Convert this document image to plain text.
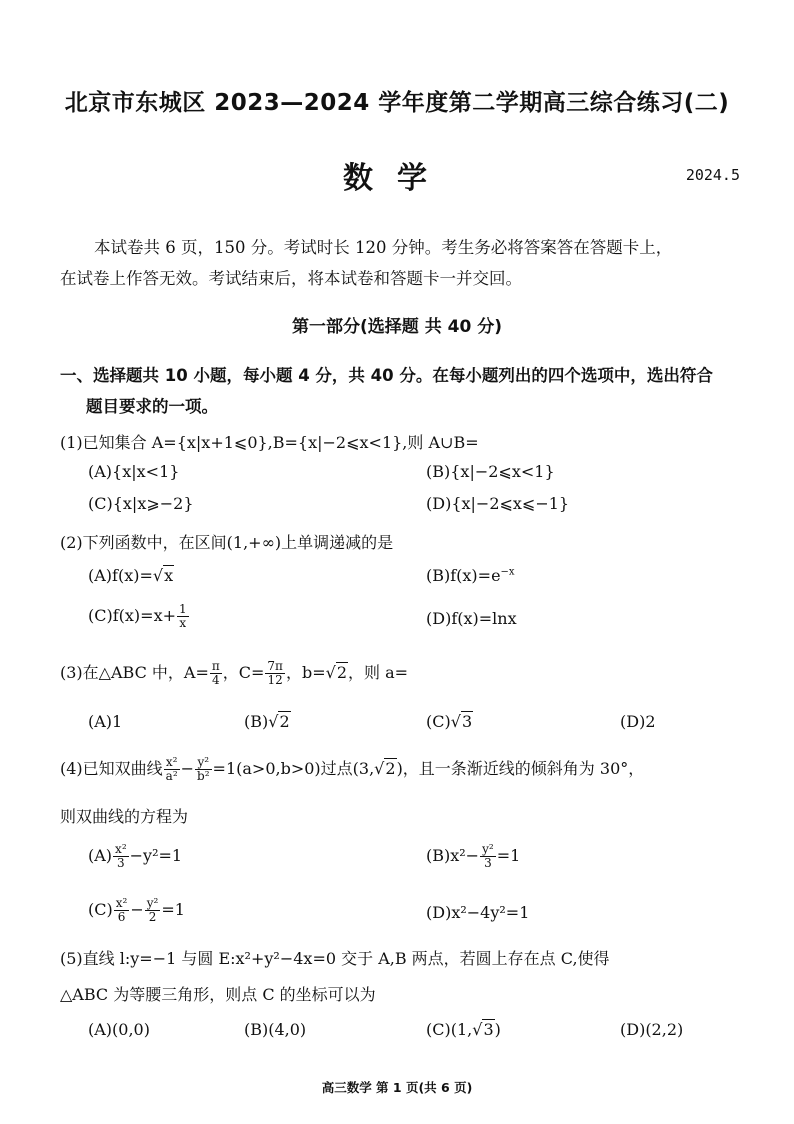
北京市东城区 2023—2024 学年度第二学期高三综合练习(二)
数学	2024.5
本试卷共 6 页，150 分。考试时长 120 分钟。考生务必将答案答在答题卡上，
在试卷上作答无效。考试结束后，将本试卷和答题卡一并交回。
第一部分(选择题 共 40 分)
一、选择题共 10 小题，每小题 4 分，共 40 分。在每小题列出的四个选项中，选出符合
题目要求的一项。
(1)已知集合 A={x|x+1⩽0},B={x|−2⩽x<1},则 A∪B=
(A){x|x<1}	(B){x|−2⩽x<1}
(C){x|x⩾−2}	(D){x|−2⩽x⩽−1}
(2)下列函数中，在区间(1,+∞)上单调递减的是
(A)f(x)=√x	$(B)f(x)=e^{-x}$
$(C)f(x)=x+ \frac{1}{x}$	(D)f(x)=lnx
(3)在△ABC 中，$A= \frac{\pi}{4}$ ，$C= \frac{7\pi}{12}$ ，b=√2，则 a=
(A)1	(B)√2	(C)√3	(D)2
(4)已知双曲线 $\frac{\text{x²}}{\text{a²}} - \frac{\text{y²}}{\text{b²}} =1(a>0,b>0)$过点(3,√2)，且一条渐近线的倾斜角为 30°，
则双曲线的方程为
$(A) \frac{\text{x²}}{3} -y^2=1$	$(B)x^2- \frac{\text{y²}}{3} =1$
$(C) \frac{\text{x²}}{6} - \frac{\text{y²}}{2} =1$	(D)x²−4y²=1
(5)直线 l:y=−1 与圆 E:x²+y²−4x=0 交于 A,B 两点，若圆上存在点 C,使得
△ABC 为等腰三角形，则点 C 的坐标可以为
(A)(0,0)	(B)(4,0)	(C)(1,√3)	(D)(2,2)
高三数学 第 1 页(共 6 页)
